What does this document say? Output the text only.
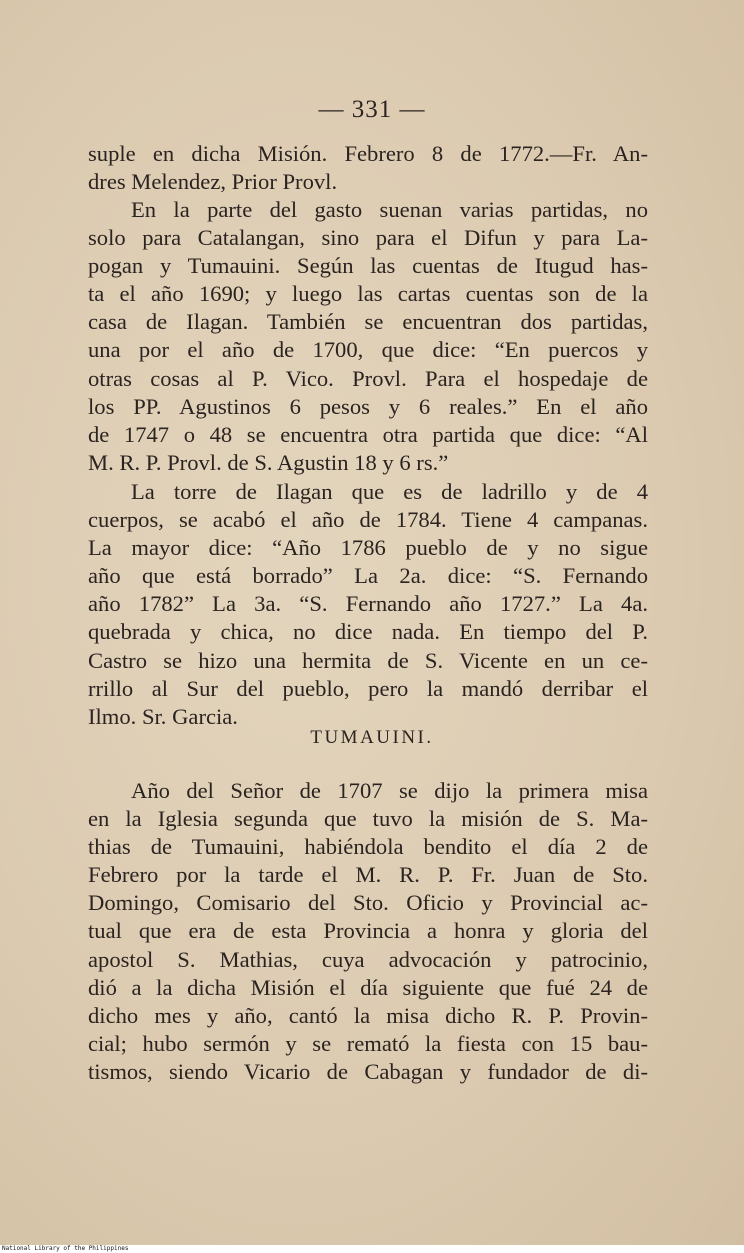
— 331 —
suple en dicha Misión. Febrero 8 de 1772.—Fr. An-
dres Melendez, Prior Provl.
En la parte del gasto suenan varias partidas, no
solo para Catalangan, sino para el Difun y para La-
pogan y Tumauini. Según las cuentas de Itugud has-
ta el año 1690; y luego las cartas cuentas son de la
casa de Ilagan. También se encuentran dos partidas,
una por el año de 1700, que dice: “En puercos y
otras cosas al P. Vico. Provl. Para el hospedaje de
los PP. Agustinos 6 pesos y 6 reales.” En el año
de 1747 o 48 se encuentra otra partida que dice: “Al
M. R. P. Provl. de S. Agustin 18 y 6 rs.”
La torre de Ilagan que es de ladrillo y de 4
cuerpos, se acabó el año de 1784. Tiene 4 campanas.
La mayor dice: “Año 1786 pueblo de y no sigue
año que está borrado” La 2a. dice: “S. Fernando
año 1782” La 3a. “S. Fernando año 1727.” La 4a.
quebrada y chica, no dice nada. En tiempo del P.
Castro se hizo una hermita de S. Vicente en un ce-
rrillo al Sur del pueblo, pero la mandó derribar el
Ilmo. Sr. Garcia.
TUMAUINI.
Año del Señor de 1707 se dijo la primera misa
en la Iglesia segunda que tuvo la misión de S. Ma-
thias de Tumauini, habiéndola bendito el día 2 de
Febrero por la tarde el M. R. P. Fr. Juan de Sto.
Domingo, Comisario del Sto. Oficio y Provincial ac-
tual que era de esta Provincia a honra y gloria del
apostol S. Mathias, cuya advocación y patrocinio,
dió a la dicha Misión el día siguiente que fué 24 de
dicho mes y año, cantó la misa dicho R. P. Provin-
cial; hubo sermón y se remató la fiesta con 15 bau-
tismos, siendo Vicario de Cabagan y fundador de di-
National Library of the Philippines
